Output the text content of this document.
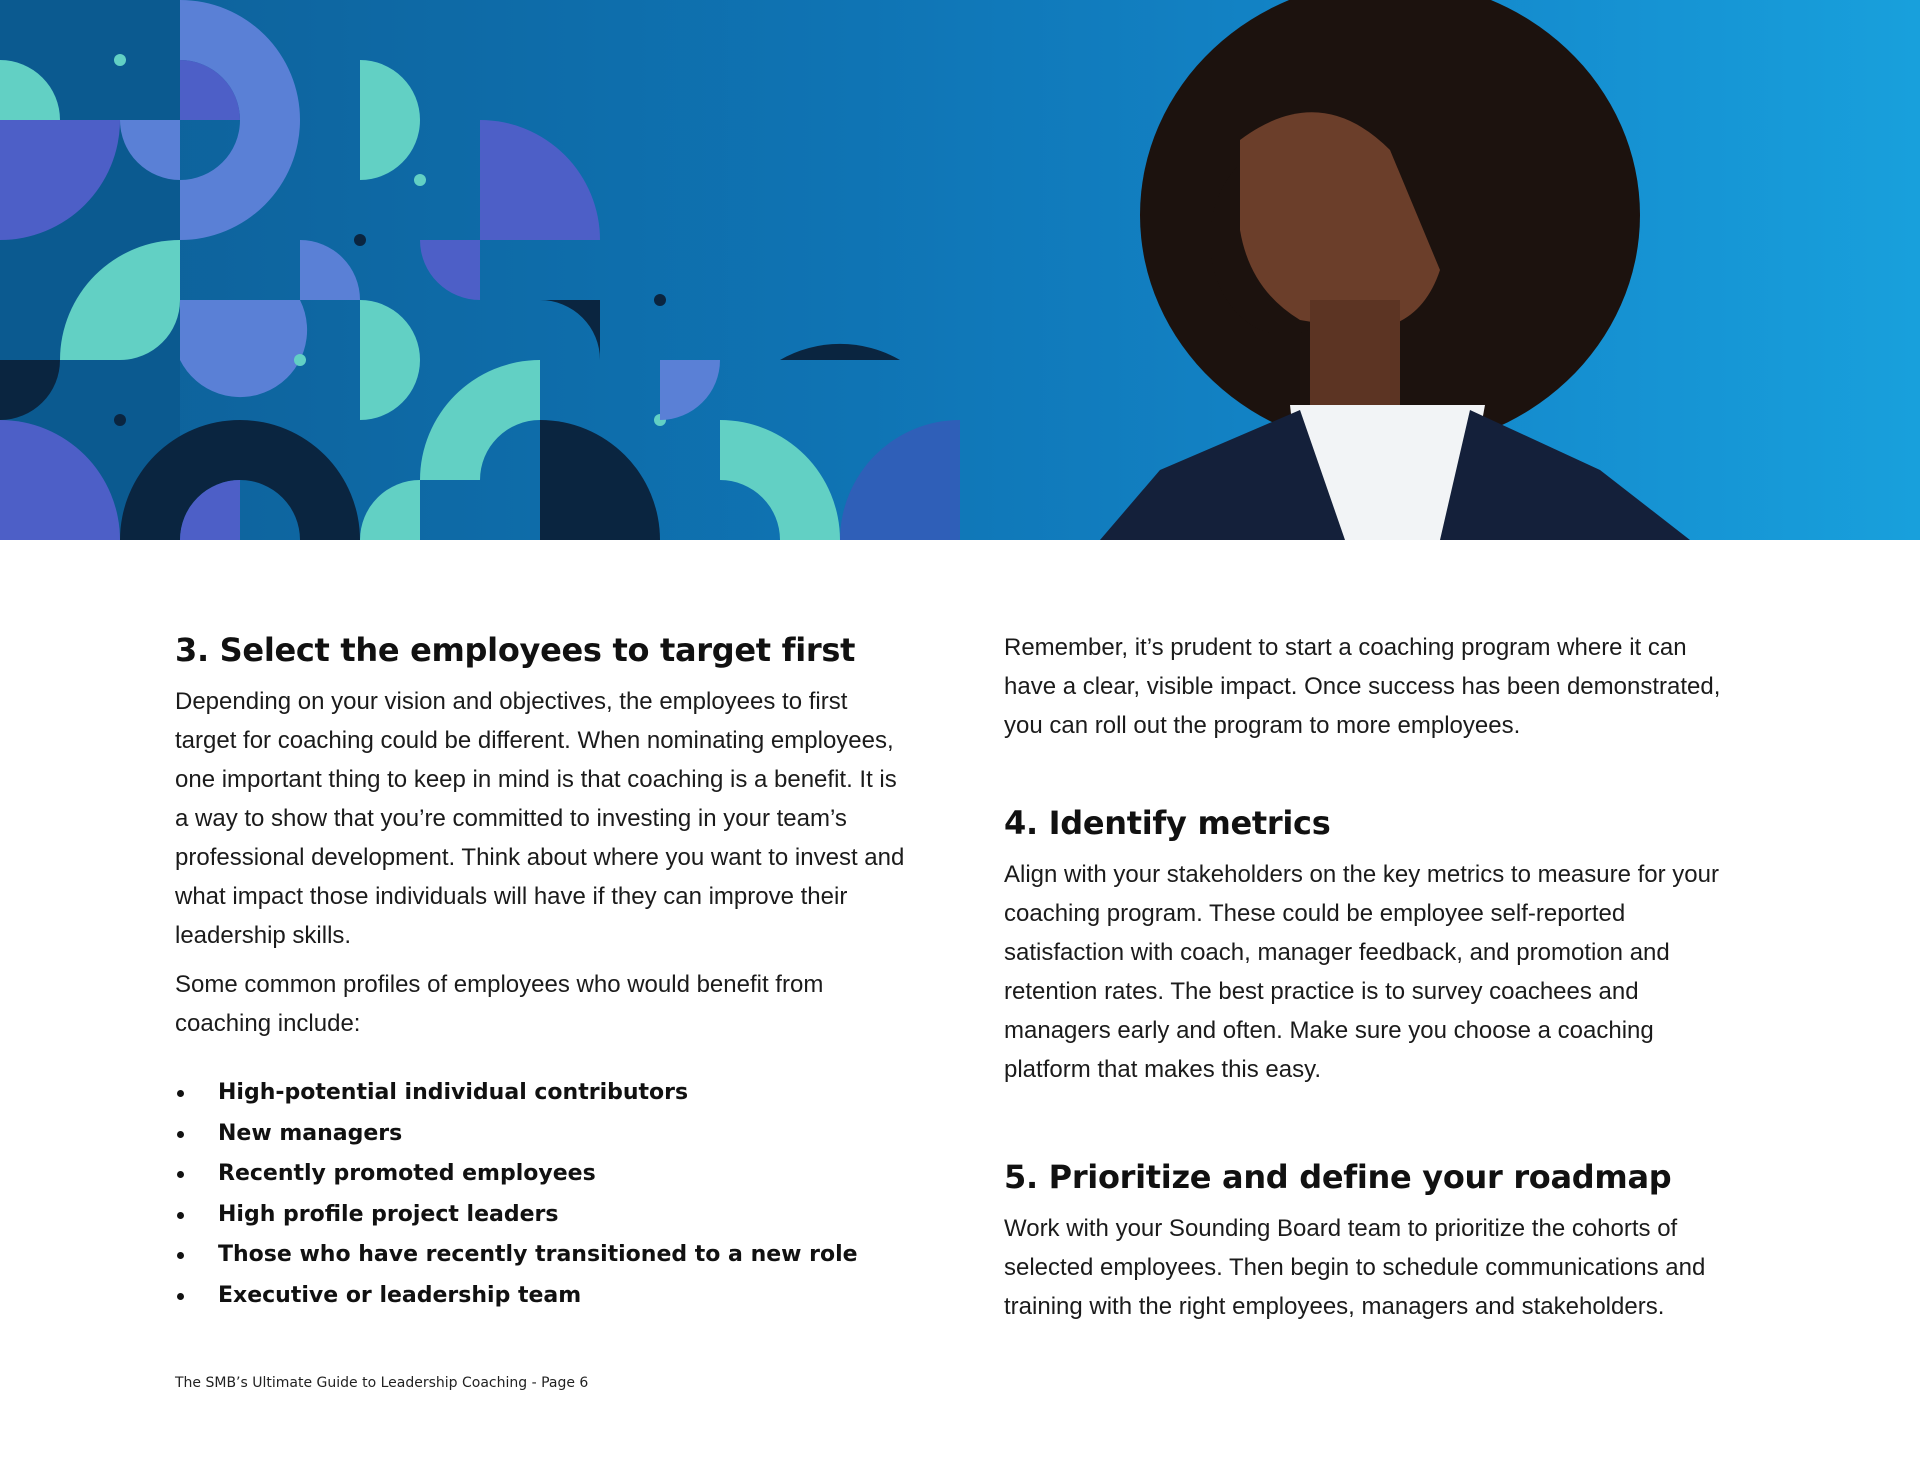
3. Select the employees to target first

Depending on your vision and objectives, the employees to first target for coaching could be different. When nominating employees, one important thing to keep in mind is that coaching is a benefit. It is a way to show that you’re committed to investing in your team’s professional development. Think about where you want to invest and what impact those individuals will have if they can improve their leadership skills.

Some common profiles of employees who would benefit from coaching include:

High-potential individual contributors
New managers
Recently promoted employees
High profile project leaders
Those who have recently transitioned to a new role
Executive or leadership team

Remember, it’s prudent to start a coaching program where it can have a clear, visible impact. Once success has been demonstrated, you can roll out the program to more employees.

4. Identify metrics

Align with your stakeholders on the key metrics to measure for your coaching program. These could be employee self-reported satisfaction with coach, manager feedback, and promotion and retention rates. The best practice is to survey coachees and managers early and often. Make sure you choose a coaching platform that makes this easy.

5. Prioritize and define your roadmap

Work with your Sounding Board team to prioritize the cohorts of selected employees. Then begin to schedule communications and training with the right employees, managers and stakeholders.

The SMB’s Ultimate Guide to Leadership Coaching - Page 6
